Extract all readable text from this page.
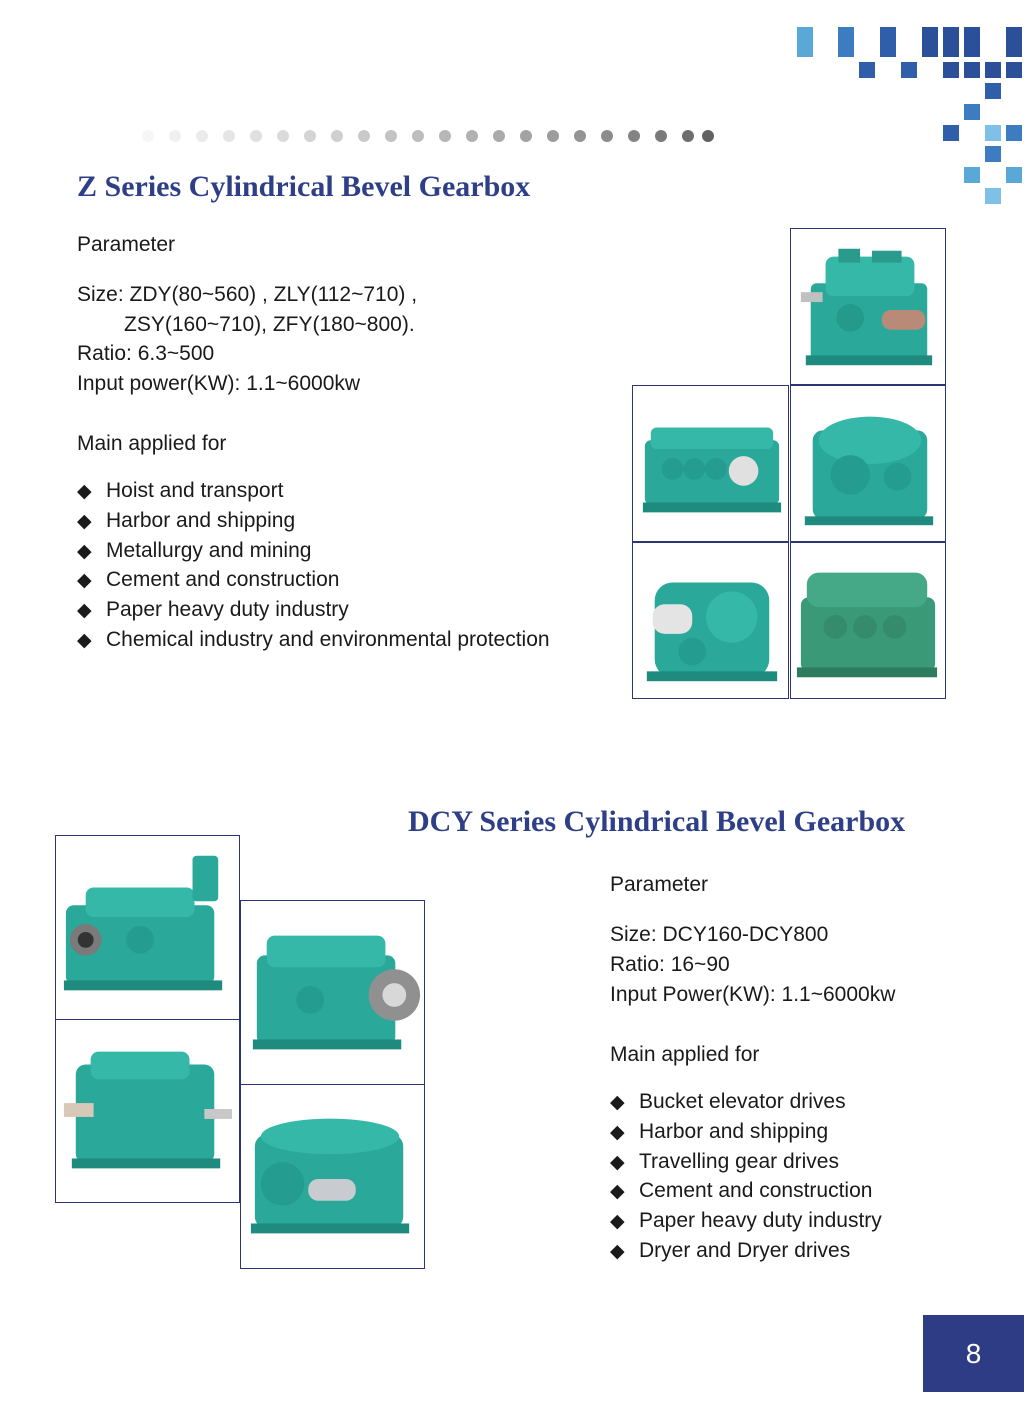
Z Series Cylindrical Bevel Gearbox
Parameter
Size: ZDY(80~560) , ZLY(112~710) ,
ZSY(160~710), ZFY(180~800).
Ratio: 6.3~500
Input power(KW): 1.1~6000kw
Main applied for
◆ Hoist and transport
◆ Harbor and shipping
◆ Metallurgy and mining
◆ Cement and construction
◆ Paper heavy duty industry
◆ Chemical industry and environmental protection
DCY Series Cylindrical Bevel Gearbox
Parameter
Size: DCY160-DCY800
Ratio: 16~90
Input Power(KW): 1.1~6000kw
Main applied for
◆ Bucket elevator drives
◆ Harbor and shipping
◆ Travelling gear drives
◆ Cement and construction
◆ Paper heavy duty industry
◆ Dryer and Dryer drives
8
